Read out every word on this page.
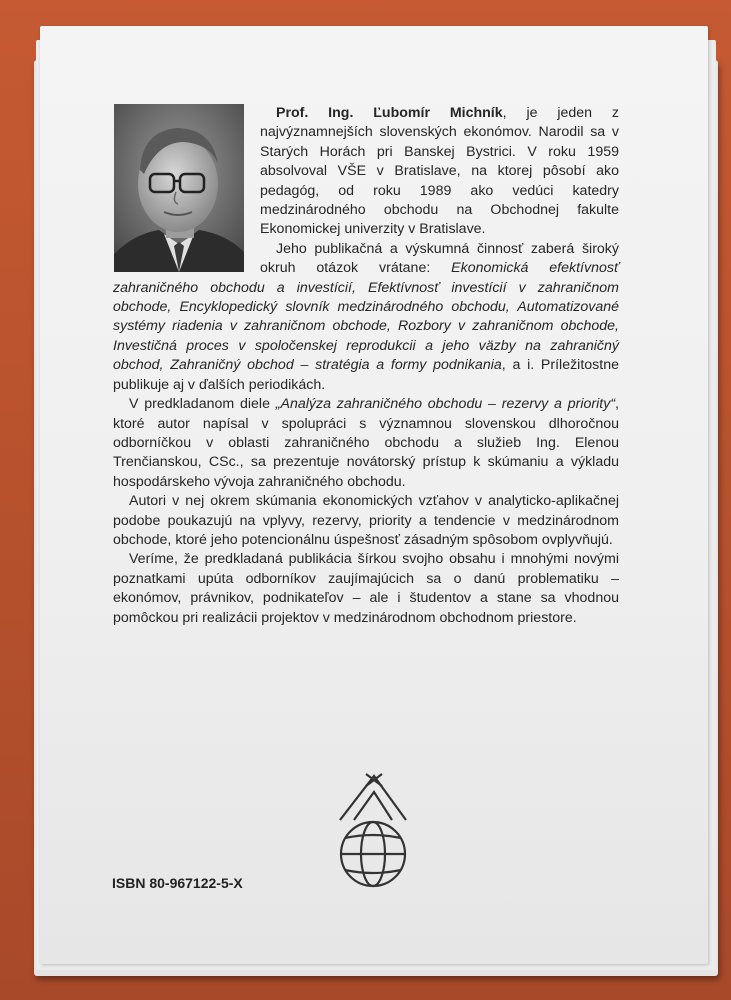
Prof. Ing. Ľubomír Michník, je jeden z najvýznamnejších slovenských ekonómov. Narodil sa v Starých Horách pri Banskej Bystrici. V roku 1959 absolvoval VŠE v Bratislave, na ktorej pôsobí ako pedagóg, od roku 1989 ako vedúci katedry medzinárodného obchodu na Obchodnej fakulte Ekonomickej univerzity v Bratislave.

Jeho publikačná a výskumná činnosť zaberá široký okruh otázok vrátane: Ekonomická efektívnosť zahraničného obchodu a investícií, Efektívnosť investícií v zahraničnom obchode, Encyklopedický slovník medzinárodného obchodu, Automatizované systémy riadenia v zahraničnom obchode, Rozbory v zahraničnom obchode, Investičná proces v spoločenskej reprodukcii a jeho väzby na zahraničný obchod, Zahraničný obchod – stratégia a formy podnikania, a i. Príležitostne publikuje aj v ďalších periodikách.

V predkladanom diele „Analýza zahraničného obchodu – rezervy a priority“, ktoré autor napísal v spolupráci s významnou slovenskou dlhoročnou odborníčkou v oblasti zahraničného obchodu a služieb Ing. Elenou Trenčianskou, CSc., sa prezentuje novátorský prístup k skúmaniu a výkladu hospodárskeho vývoja zahraničného obchodu.

Autori v nej okrem skúmania ekonomických vzťahov v analyticko-aplikačnej podobe poukazujú na vplyvy, rezervy, priority a tendencie v medzinárodnom obchode, ktoré jeho potencionálnu úspešnosť zásadným spôsobom ovplyvňujú.

Veríme, že predkladaná publikácia šírkou svojho obsahu i mnohými novými poznatkami upúta odborníkov zaujímajúcich sa o danú problematiku – ekonómov, právnikov, podnikateľov – ale i študentov a stane sa vhodnou pomôckou pri realizácii projektov v medzinárodnom obchodnom priestore.

ISBN 80-967122-5-X
